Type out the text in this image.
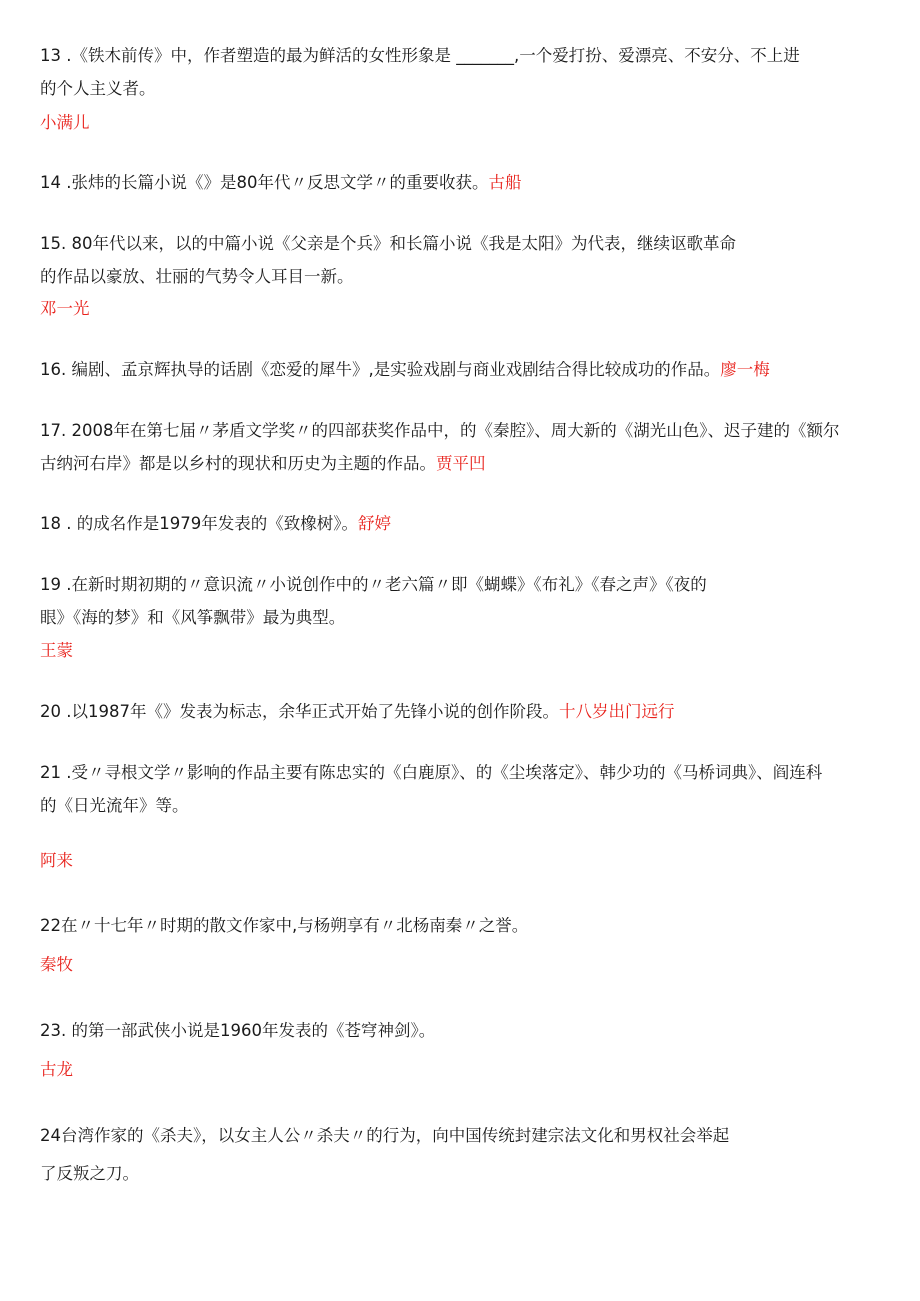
13 .《铁木前传》中，作者塑造的最为鲜活的女性形象是 _______,一个爱打扮、爱漂亮、不安分、不上进
的个人主义者。
小满儿
14 .张炜的长篇小说《》是80年代〃反思文学〃的重要收获。古船
15. 80年代以来，以的中篇小说《父亲是个兵》和长篇小说《我是太阳》为代表，继续讴歌革命
的作品以豪放、壮丽的气势令人耳目一新。
邓一光
16. 编剧、孟京辉执导的话剧《恋爱的犀牛》,是实验戏剧与商业戏剧结合得比较成功的作品。廖一梅
17. 2008年在第七届〃茅盾文学奖〃的四部获奖作品中，的《秦腔》、周大新的《湖光山色》、迟子建的《额尔
古纳河右岸》都是以乡村的现状和历史为主题的作品。贾平凹
18 . 的成名作是1979年发表的《致橡树》。舒婷
19 .在新时期初期的〃意识流〃小说创作中的〃老六篇〃即《蝴蝶》《布礼》《春之声》《夜的
眼》《海的梦》和《风筝飘带》最为典型。
王蒙
20 .以1987年《》发表为标志，余华正式开始了先锋小说的创作阶段。十八岁出门远行
21 .受〃寻根文学〃影响的作品主要有陈忠实的《白鹿原》、的《尘埃落定》、韩少功的《马桥词典》、阎连科
的《日光流年》等。
阿来
22在〃十七年〃时期的散文作家中,与杨朔享有〃北杨南秦〃之誉。
秦牧
23. 的第一部武侠小说是1960年发表的《苍穹神剑》。
古龙
24台湾作家的《杀夫》，以女主人公〃杀夫〃的行为，向中国传统封建宗法文化和男权社会举起
了反叛之刀。
